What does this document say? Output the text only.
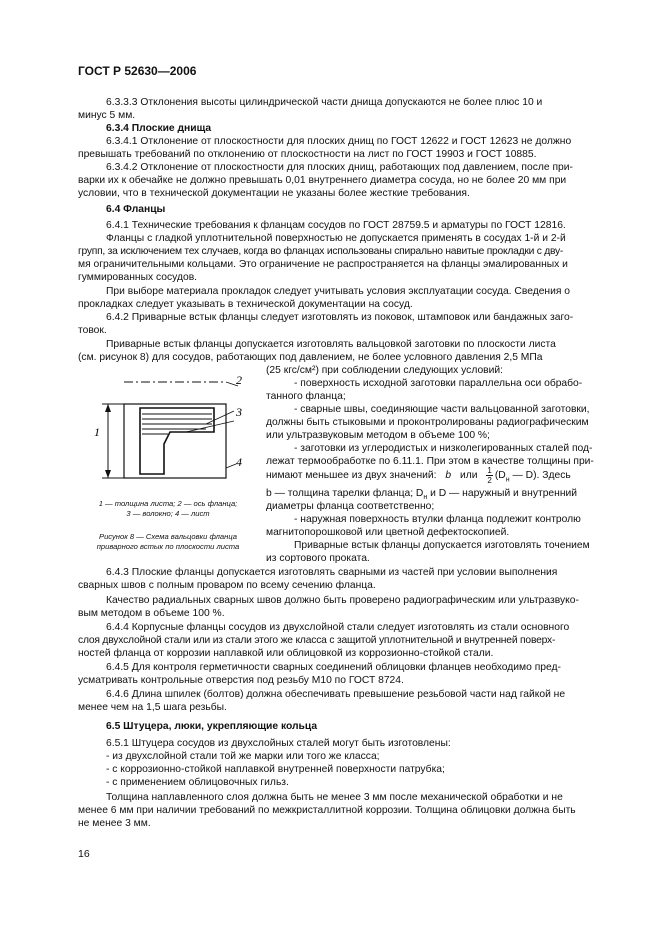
ГОСТ Р 52630—2006
6.3.3.3 Отклонения высоты цилиндрической части днища допускаются не более плюс 10 и
минус 5 мм.
6.3.4 Плоские днища
6.3.4.1 Отклонение от плоскостности для плоских днищ по ГОСТ 12622 и ГОСТ 12623 не должно
превышать требований по отклонению от плоскостности на лист по ГОСТ 19903 и ГОСТ 10885.
6.3.4.2 Отклонение от плоскостности для плоских днищ, работающих под давлением, после при-
варки их к обечайке не должно превышать 0,01 внутреннего диаметра сосуда, но не более 20 мм при
условии, что в технической документации не указаны более жесткие требования.
6.4 Фланцы
6.4.1 Технические требования к фланцам сосудов по ГОСТ 28759.5 и арматуры по ГОСТ 12816.
Фланцы с гладкой уплотнительной поверхностью не допускается применять в сосудах 1-й и 2-й
групп, за исключением тех случаев, когда во фланцах использованы спирально навитые прокладки с дву-
мя ограничительными кольцами. Это ограничение не распространяется на фланцы эмалированных и
гуммированных сосудов.
При выборе материала прокладок следует учитывать условия эксплуатации сосуда. Сведения о
прокладках следует указывать в технической документации на сосуд.
6.4.2 Приварные встык фланцы следует изготовлять из поковок, штамповок или бандажных заго-
товок.
Приварные встык фланцы допускается изготовлять вальцовкой заготовки по плоскости листа
(см. рисунок 8) для сосудов, работающих под давлением, не более условного давления 2,5 МПа
1
2
3
4
1 — толщина листа; 2 — ось фланца;
3 — волокно; 4 — лист
Рисунок 8 — Схема вальцовки фланца
приварного встык по плоскости листа
(25 кгс/см²) при соблюдении следующих условий:
- поверхность исходной заготовки параллельна оси обрабо-
танного фланца;
- сварные швы, соединяющие части вальцованной заготовки,
должны быть стыковыми и проконтролированы радиографическим
или ультразвуковым методом в объеме 100 %;
- заготовки из углеродистых и низколегированных сталей под-
лежат термообработке по 6.11.1. При этом в качестве толщины при-
нимают меньшее из двух значений: b или $\frac{1}{2} (D_н$ — D). Здесь
b — толщина тарелки фланца; $D_н$ и D — наружный и внутренний
диаметры фланца соответственно;
- наружная поверхность втулки фланца подлежит контролю
магнитопорошковой или цветной дефектоскопией.
Приварные встык фланцы допускается изготовлять точением
из сортового проката.
6.4.3 Плоские фланцы допускается изготовлять сварными из частей при условии выполнения
сварных швов с полным проваром по всему сечению фланца.
Качество радиальных сварных швов должно быть проверено радиографическим или ультразвуко-
вым методом в объеме 100 %.
6.4.4 Корпусные фланцы сосудов из двухслойной стали следует изготовлять из стали основного
слоя двухслойной стали или из стали этого же класса с защитой уплотнительной и внутренней поверх-
ностей фланца от коррозии наплавкой или облицовкой из коррозионно-стойкой стали.
6.4.5 Для контроля герметичности сварных соединений облицовки фланцев необходимо пред-
усматривать контрольные отверстия под резьбу М10 по ГОСТ 8724.
6.4.6 Длина шпилек (болтов) должна обеспечивать превышение резьбовой части над гайкой не
менее чем на 1,5 шага резьбы.
6.5 Штуцера, люки, укрепляющие кольца
6.5.1 Штуцера сосудов из двухслойных сталей могут быть изготовлены:
- из двухслойной стали той же марки или того же класса;
- с коррозионно-стойкой наплавкой внутренней поверхности патрубка;
- с применением облицовочных гильз.
Толщина наплавленного слоя должна быть не менее 3 мм после механической обработки и не
менее 6 мм при наличии требований по межкристаллитной коррозии. Толщина облицовки должна быть
не менее 3 мм.
16
